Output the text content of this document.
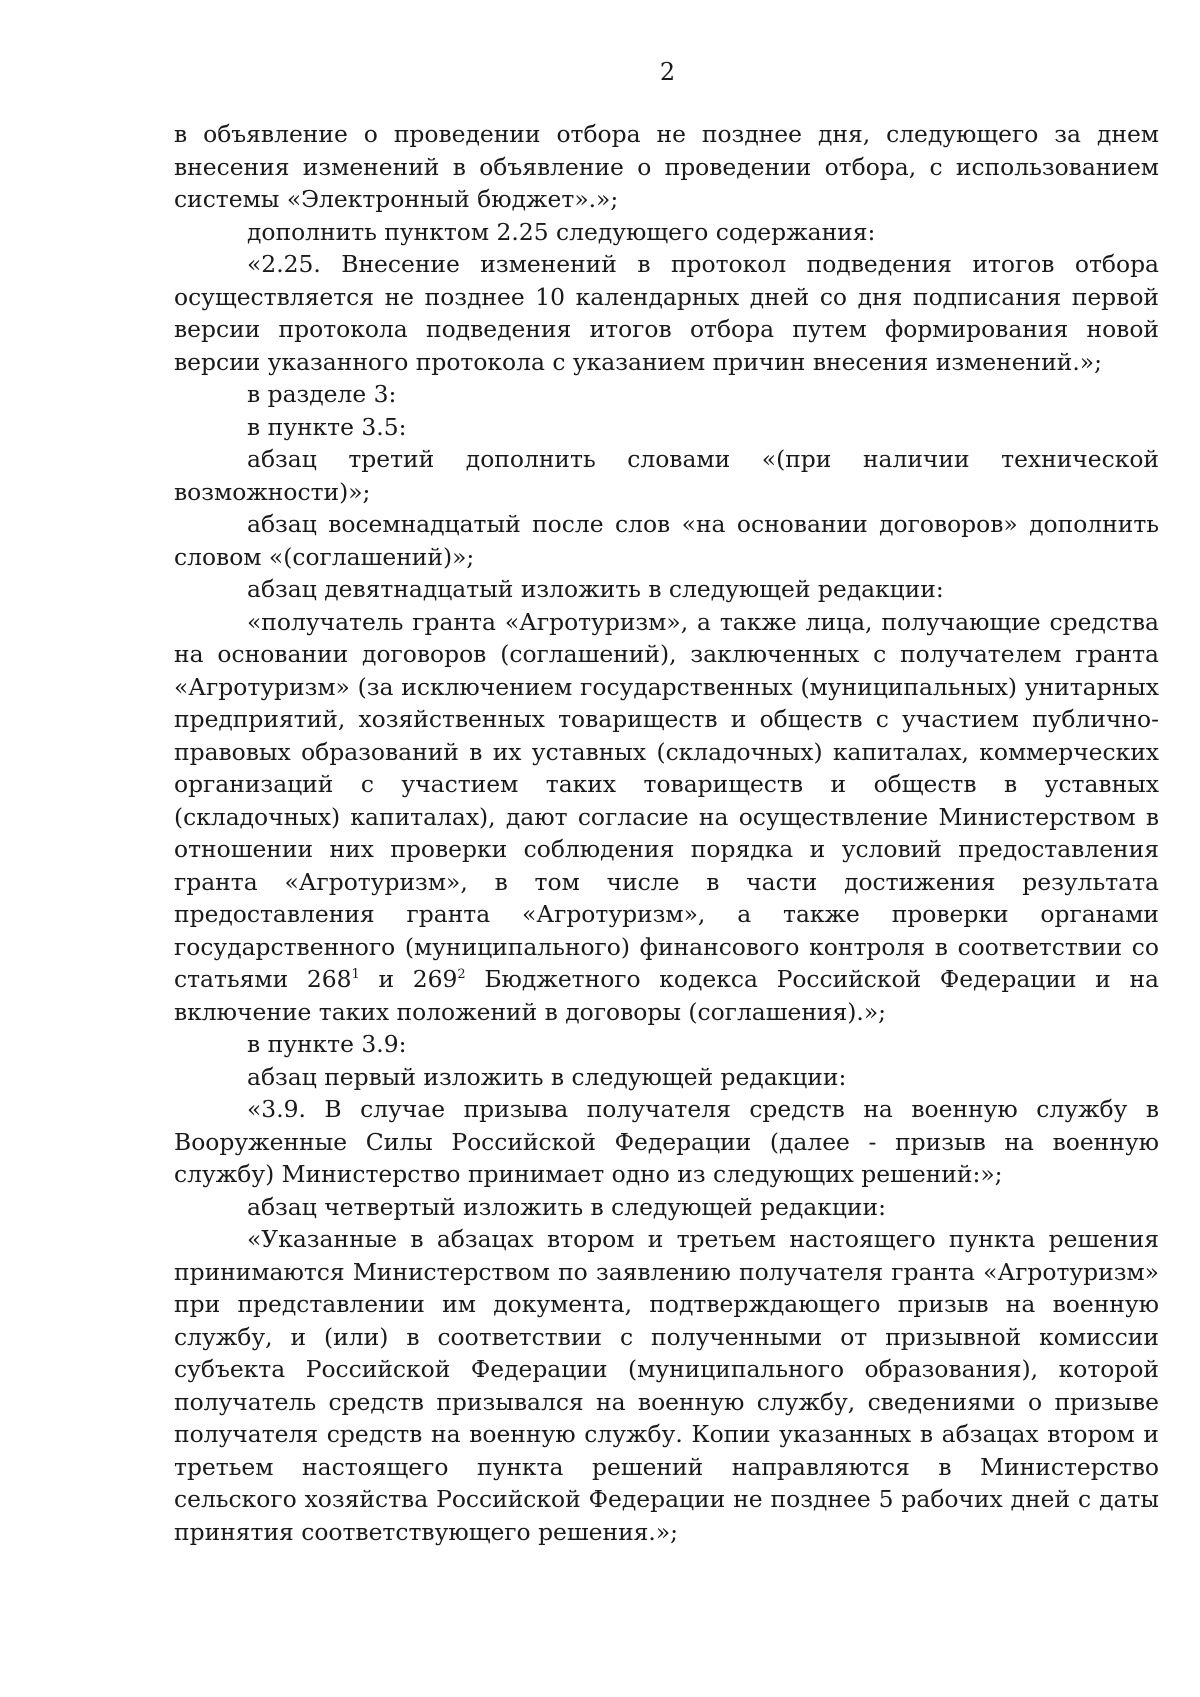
2

в объявление о проведении отбора не позднее дня, следующего за днем внесения изменений в объявление о проведении отбора, с использованием системы «Электронный бюджет».»;

дополнить пунктом 2.25 следующего содержания:

«2.25. Внесение изменений в протокол подведения итогов отбора осуществляется не позднее 10 календарных дней со дня подписания первой версии протокола подведения итогов отбора путем формирования новой версии указанного протокола с указанием причин внесения изменений.»;

в разделе 3:

в пункте 3.5:

абзац третий дополнить словами «(при наличии технической возможности)»;

абзац восемнадцатый после слов «на основании договоров» дополнить словом «(соглашений)»;

абзац девятнадцатый изложить в следующей редакции:

«получатель гранта «Агротуризм», а также лица, получающие средства на основании договоров (соглашений), заключенных с получателем гранта «Агротуризм» (за исключением государственных (муниципальных) унитарных предприятий, хозяйственных товариществ и обществ с участием публично-правовых образований в их уставных (складочных) капиталах, коммерческих организаций с участием таких товариществ и обществ в уставных (складочных) капиталах), дают согласие на осуществление Министерством в отношении них проверки соблюдения порядка и условий предоставления гранта «Агротуризм», в том числе в части достижения результата предоставления гранта «Агротуризм», а также проверки органами государственного (муниципального) финансового контроля в соответствии со статьями $268^1$ и $269^2$ Бюджетного кодекса Российской Федерации и на включение таких положений в договоры (соглашения).»;

в пункте 3.9:

абзац первый изложить в следующей редакции:

«3.9. В случае призыва получателя средств на военную службу в Вооруженные Силы Российской Федерации (далее - призыв на военную службу) Министерство принимает одно из следующих решений:»;

абзац четвертый изложить в следующей редакции:

«Указанные в абзацах втором и третьем настоящего пункта решения принимаются Министерством по заявлению получателя гранта «Агротуризм» при представлении им документа, подтверждающего призыв на военную службу, и (или) в соответствии с полученными от призывной комиссии субъекта Российской Федерации (муниципального образования), которой получатель средств призывался на военную службу, сведениями о призыве получателя средств на военную службу. Копии указанных в абзацах втором и третьем настоящего пункта решений направляются в Министерство сельского хозяйства Российской Федерации не позднее 5 рабочих дней с даты принятия соответствующего решения.»;
